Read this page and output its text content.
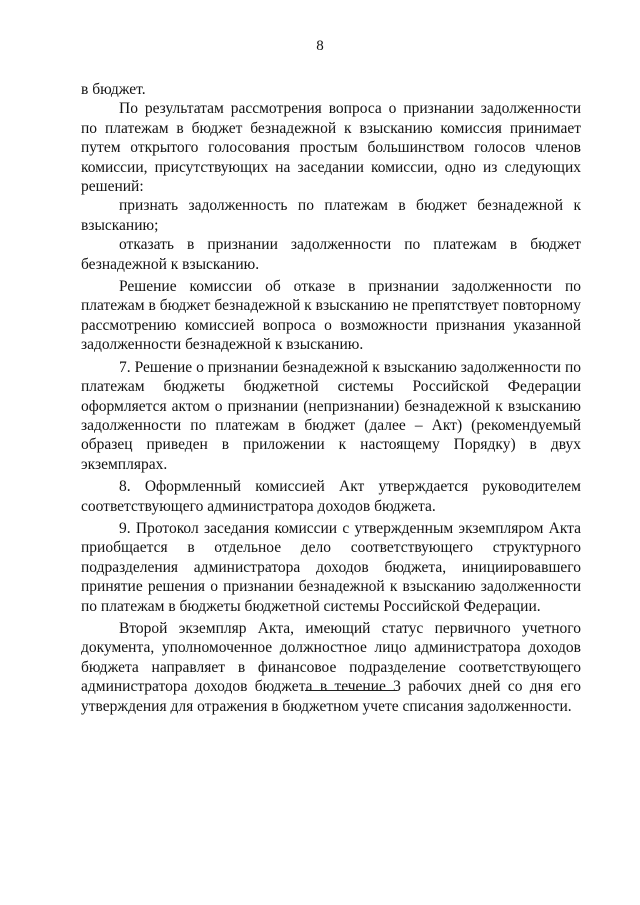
8

в бюджет.

По результатам рассмотрения вопроса о признании задолженности по платежам в бюджет безнадежной к взысканию комиссия принимает путем открытого голосования простым большинством голосов членов комиссии, присутствующих на заседании комиссии, одно из следующих решений:

признать задолженность по платежам в бюджет безнадежной к взысканию;

отказать в признании задолженности по платежам в бюджет безнадежной к взысканию.

Решение комиссии об отказе в признании задолженности по платежам в бюджет безнадежной к взысканию не препятствует повторному рассмотрению комиссией вопроса о возможности признания указанной задолженности безнадежной к взысканию.

7. Решение о признании безнадежной к взысканию задолженности по платежам бюджеты бюджетной системы Российской Федерации оформляется актом о признании (непризнании) безнадежной к взысканию задолженности по платежам в бюджет (далее – Акт) (рекомендуемый образец приведен в приложении к настоящему Порядку) в двух экземплярах.

8. Оформленный комиссией Акт утверждается руководителем соответствующего администратора доходов бюджета.

9. Протокол заседания комиссии с утвержденным экземпляром Акта приобщается в отдельное дело соответствующего структурного подразделения администратора доходов бюджета, инициировавшего принятие решения о признании безнадежной к взысканию задолженности по платежам в бюджеты бюджетной системы Российской Федерации.

Второй экземпляр Акта, имеющий статус первичного учетного документа, уполномоченное должностное лицо администратора доходов бюджета направляет в финансовое подразделение соответствующего администратора доходов бюджета в течение 3 рабочих дней со дня его утверждения для отражения в бюджетном учете списания задолженности.
